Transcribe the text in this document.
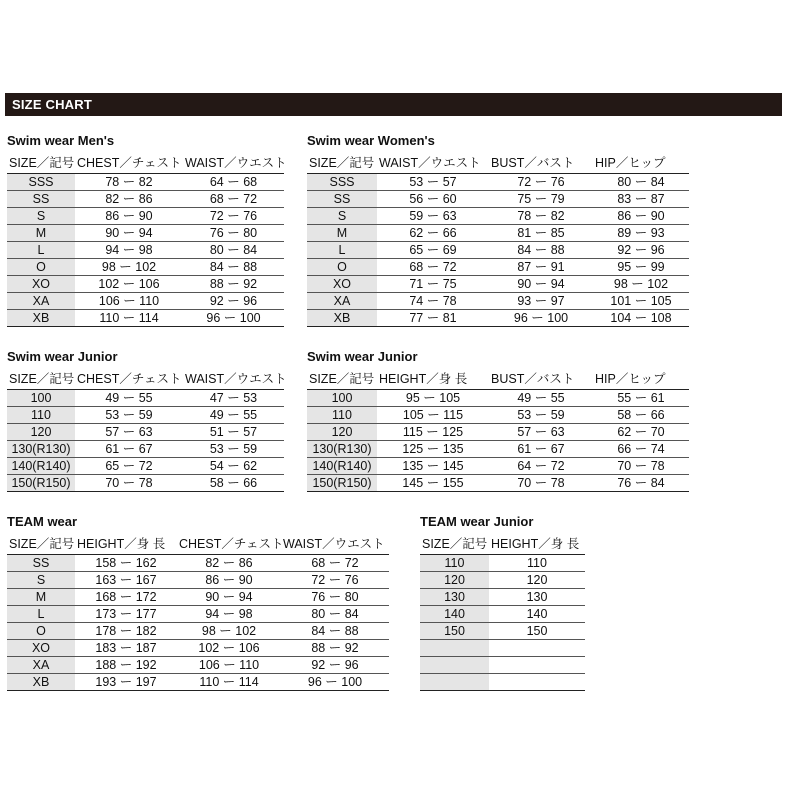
SIZE CHART
Swim wear Men's
SIZE／記号	CHEST／チェスト	WAIST／ウエスト
SSS	78 ー 82	64 ー 68
SS	82 ー 86	68 ー 72
S	86 ー 90	72 ー 76
M	90 ー 94	76 ー 80
L	94 ー 98	80 ー 84
O	98 ー 102	84 ー 88
XO	102 ー 106	88 ー 92
XA	106 ー 110	92 ー 96
XB	110 ー 114	96 ー 100
Swim wear Women's
SIZE／記号	WAIST／ウエスト	BUST／バスト	HIP／ヒップ
SSS	53 ー 57	72 ー 76	80 ー 84
SS	56 ー 60	75 ー 79	83 ー 87
S	59 ー 63	78 ー 82	86 ー 90
M	62 ー 66	81 ー 85	89 ー 93
L	65 ー 69	84 ー 88	92 ー 96
O	68 ー 72	87 ー 91	95 ー 99
XO	71 ー 75	90 ー 94	98 ー 102
XA	74 ー 78	93 ー 97	101 ー 105
XB	77 ー 81	96 ー 100	104 ー 108
Swim wear Junior
SIZE／記号	CHEST／チェスト	WAIST／ウエスト
100	49 ー 55	47 ー 53
110	53 ー 59	49 ー 55
120	57 ー 63	51 ー 57
130(R130)	61 ー 67	53 ー 59
140(R140)	65 ー 72	54 ー 62
150(R150)	70 ー 78	58 ー 66
Swim wear Junior
SIZE／記号	HEIGHT／身 長	BUST／バスト	HIP／ヒップ
100	95 ー 105	49 ー 55	55 ー 61
110	105 ー 115	53 ー 59	58 ー 66
120	115 ー 125	57 ー 63	62 ー 70
130(R130)	125 ー 135	61 ー 67	66 ー 74
140(R140)	135 ー 145	64 ー 72	70 ー 78
150(R150)	145 ー 155	70 ー 78	76 ー 84
TEAM wear
SIZE／記号	HEIGHT／身 長	CHEST／チェスト	WAIST／ウエスト
SS	158 ー 162	82 ー 86	68 ー 72
S	163 ー 167	86 ー 90	72 ー 76
M	168 ー 172	90 ー 94	76 ー 80
L	173 ー 177	94 ー 98	80 ー 84
O	178 ー 182	98 ー 102	84 ー 88
XO	183 ー 187	102 ー 106	88 ー 92
XA	188 ー 192	106 ー 110	92 ー 96
XB	193 ー 197	110 ー 114	96 ー 100
TEAM wear Junior
SIZE／記号	HEIGHT／身 長
110	110
120	120
130	130
140	140
150	150
